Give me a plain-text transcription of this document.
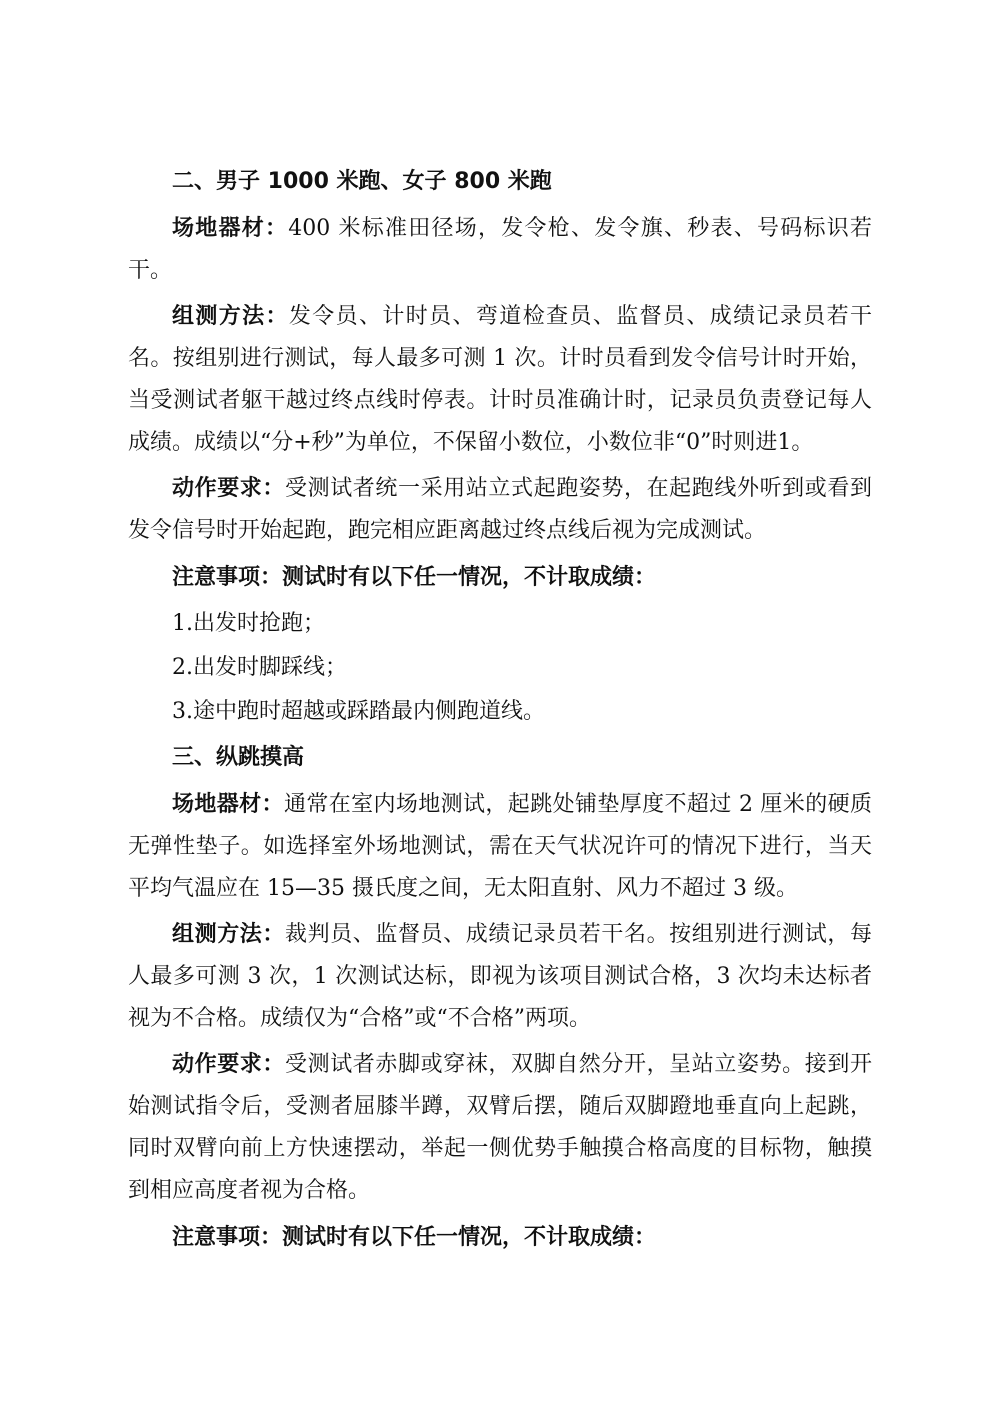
二、男子 1000 米跑、女子 800 米跑
场地器材：400 米标准田径场，发令枪、发令旗、秒表、号码标识若干。
组测方法：发令员、计时员、弯道检查员、监督员、成绩记录员若干名。按组别进行测试，每人最多可测 1 次。计时员看到发令信号计时开始，当受测试者躯干越过终点线时停表。计时员准确计时，记录员负责登记每人成绩。成绩以“分+秒”为单位，不保留小数位，小数位非“0”时则进1。
动作要求：受测试者统一采用站立式起跑姿势，在起跑线外听到或看到发令信号时开始起跑，跑完相应距离越过终点线后视为完成测试。
注意事项：测试时有以下任一情况，不计取成绩：
1.出发时抢跑；
2.出发时脚踩线；
3.途中跑时超越或踩踏最内侧跑道线。
三、纵跳摸高
场地器材：通常在室内场地测试，起跳处铺垫厚度不超过 2 厘米的硬质无弹性垫子。如选择室外场地测试，需在天气状况许可的情况下进行，当天平均气温应在 15—35 摄氏度之间，无太阳直射、风力不超过 3 级。
组测方法：裁判员、监督员、成绩记录员若干名。按组别进行测试，每人最多可测 3 次，1 次测试达标，即视为该项目测试合格，3 次均未达标者视为不合格。成绩仅为“合格”或“不合格”两项。
动作要求：受测试者赤脚或穿袜，双脚自然分开，呈站立姿势。接到开始测试指令后，受测者屈膝半蹲，双臂后摆，随后双脚蹬地垂直向上起跳，同时双臂向前上方快速摆动，举起一侧优势手触摸合格高度的目标物，触摸到相应高度者视为合格。
注意事项：测试时有以下任一情况，不计取成绩：
